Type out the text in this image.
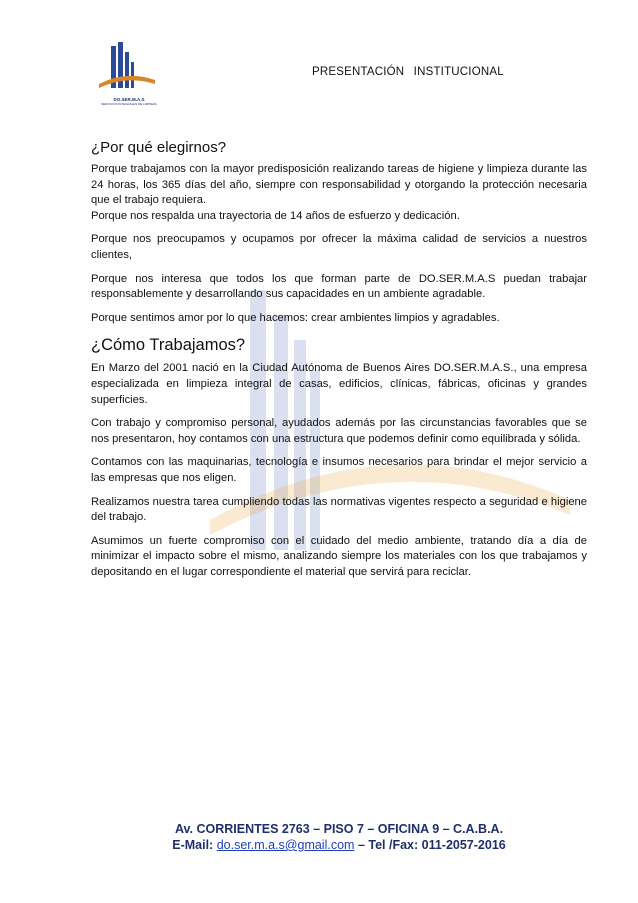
DO.SER.M.A.S
SERVICIOS INTEGRALES DE LIMPIEZA
PRESENTACIÓN INSTITUCIONAL
¿Por qué elegirnos?

Porque trabajamos con la mayor predisposición realizando tareas de higiene y limpieza durante las 24 horas, los 365 días del año, siempre con responsabilidad y otorgando la protección necesaria que el trabajo requiera.

Porque nos respalda una trayectoria de 14 años de esfuerzo y dedicación.

Porque nos preocupamos y ocupamos por ofrecer la máxima calidad de servicios a nuestros clientes,

Porque nos interesa que todos los que forman parte de DO.SER.M.A.S puedan trabajar responsablemente y desarrollando sus capacidades en un ambiente agradable.

Porque sentimos amor por lo que hacemos: crear ambientes limpios y agradables.

¿Cómo Trabajamos?

En Marzo del 2001 nació en la Ciudad Autónoma de Buenos Aires DO.SER.M.A.S., una empresa especializada en limpieza integral de casas, edificios, clínicas, fábricas, oficinas y grandes superficies.

Con trabajo y compromiso personal, ayudados además por las circunstancias favorables que se nos presentaron, hoy contamos con una estructura que podemos definir como equilibrada y sólida.

Contamos con las maquinarias, tecnología e insumos necesarios para brindar el mejor servicio a las empresas que nos eligen.

Realizamos nuestra tarea cumpliendo todas las normativas vigentes respecto a seguridad e higiene del trabajo.

Asumimos un fuerte compromiso con el cuidado del medio ambiente, tratando día a día de minimizar el impacto sobre el mismo, analizando siempre los materiales con los que trabajamos y depositando en el lugar correspondiente el material que servirá para reciclar.

Av. CORRIENTES 2763 – PISO 7 – OFICINA 9 – C.A.B.A.
E-Mail: do.ser.m.a.s@gmail.com – Tel /Fax: 011-2057-2016
